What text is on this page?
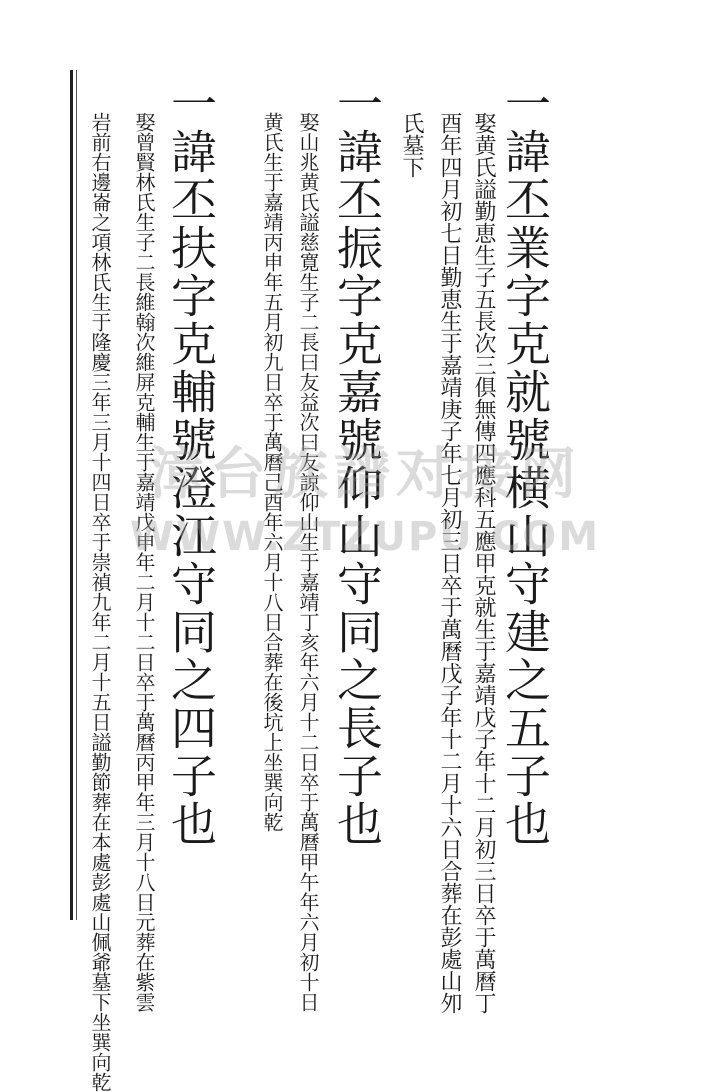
一諱丕業字克就號横山守建之五子也
娶黄氏謚勤恵生子五長次三俱無傳四應科五應甲克就生于嘉靖戊子年十二月初三日卒于萬曆丁
酉年四月初七日勤恵生于嘉靖庚子年七月初三日卒于萬曆戊子年十二月十六日合葬在彭處山夘
氏墓下
一諱丕振字克嘉號仰山守同之長子也
娶山兆黄氏謚慈寛生子二長曰友益次曰友諒仰山生于嘉靖丁亥年六月十二日卒于萬曆甲午年六月初十日
黄氏生于嘉靖丙申年五月初九日卒于萬曆己酉年六月十八日合葬在後坑上坐巽向乾
一諱丕扶字克輔號澄江守同之四子也
娶曾賢林氏生子二長維翰次維屏克輔生于嘉靖戊申年二月十二日卒于萬曆丙甲年三月十八日元葬在紫雲
岩前右邊崙之項林氏生于隆慶三年三月十四日卒于崇禎九年二月十五日謚勤節葬在本處彭處山佩爺墓下坐巽向乾 漳台族譜对接网
WWW.ZTZUPU.COM
